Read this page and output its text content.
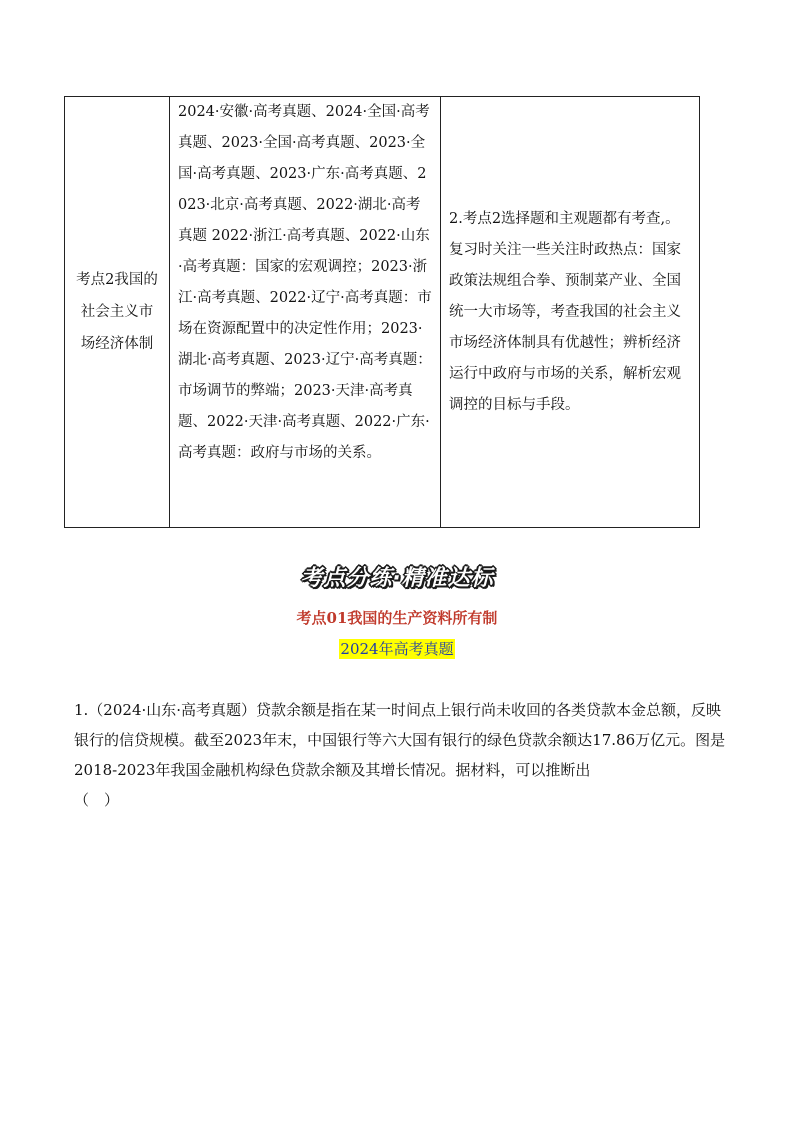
考点2我国的社会主义市场经济体制	2024·安徽·高考真题、2024·全国·高考真题、2023·全国·高考真题、2023·全国·高考真题、2023·广东·高考真题、2023·北京·高考真题、2022·湖北·高考真题 2022·浙江·高考真题、2022·山东·高考真题：国家的宏观调控；2023·浙江·高考真题、2022·辽宁·高考真题：市场在资源配置中的决定性作用；2023·湖北·高考真题、2023·辽宁·高考真题：市场调节的弊端；2023·天津·高考真题、2022·天津·高考真题、2022·广东·高考真题：政府与市场的关系。	2.考点2选择题和主观题都有考查,。复习时关注一些关注时政热点：国家政策法规组合拳、预制菜产业、全国统一大市场等，考查我国的社会主义市场经济体制具有优越性；辨析经济运行中政府与市场的关系，解析宏观调控的目标与手段。
考点分练·精准达标
考点01我国的生产资料所有制
2024年高考真题

1.（2024·山东·高考真题）贷款余额是指在某一时间点上银行尚未收回的各类贷款本金总额，反映银行的信贷规模。截至2023年末，中国银行等六大国有银行的绿色贷款余额达17.86万亿元。图是2018-2023年我国金融机构绿色贷款余额及其增长情况。据材料，可以推断出

（　）
